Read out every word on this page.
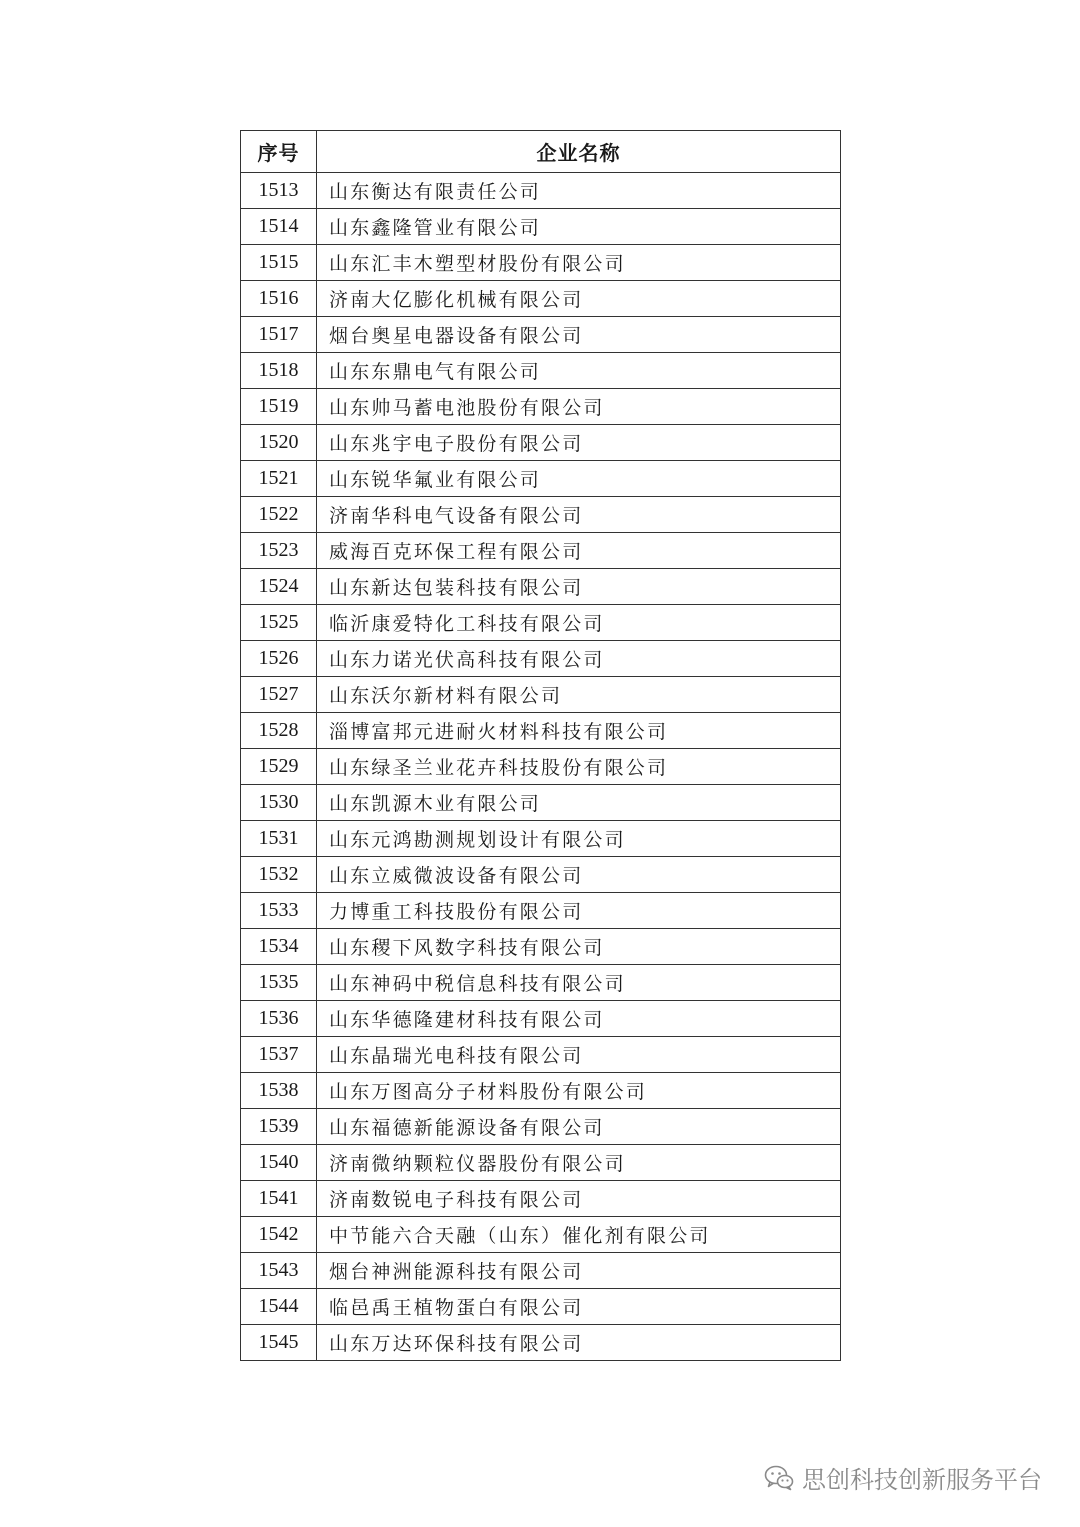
序号	企业名称
1513	山东衡达有限责任公司
1514	山东鑫隆管业有限公司
1515	山东汇丰木塑型材股份有限公司
1516	济南大亿膨化机械有限公司
1517	烟台奥星电器设备有限公司
1518	山东东鼎电气有限公司
1519	山东帅马蓄电池股份有限公司
1520	山东兆宇电子股份有限公司
1521	山东锐华氟业有限公司
1522	济南华科电气设备有限公司
1523	威海百克环保工程有限公司
1524	山东新达包装科技有限公司
1525	临沂康爱特化工科技有限公司
1526	山东力诺光伏高科技有限公司
1527	山东沃尔新材料有限公司
1528	淄博富邦元进耐火材料科技有限公司
1529	山东绿圣兰业花卉科技股份有限公司
1530	山东凯源木业有限公司
1531	山东元鸿勘测规划设计有限公司
1532	山东立威微波设备有限公司
1533	力博重工科技股份有限公司
1534	山东稷下风数字科技有限公司
1535	山东神码中税信息科技有限公司
1536	山东华德隆建材科技有限公司
1537	山东晶瑞光电科技有限公司
1538	山东万图高分子材料股份有限公司
1539	山东福德新能源设备有限公司
1540	济南微纳颗粒仪器股份有限公司
1541	济南数锐电子科技有限公司
1542	中节能六合天融（山东）催化剂有限公司
1543	烟台神洲能源科技有限公司
1544	临邑禹王植物蛋白有限公司
1545	山东万达环保科技有限公司
思创科技创新服务平台
